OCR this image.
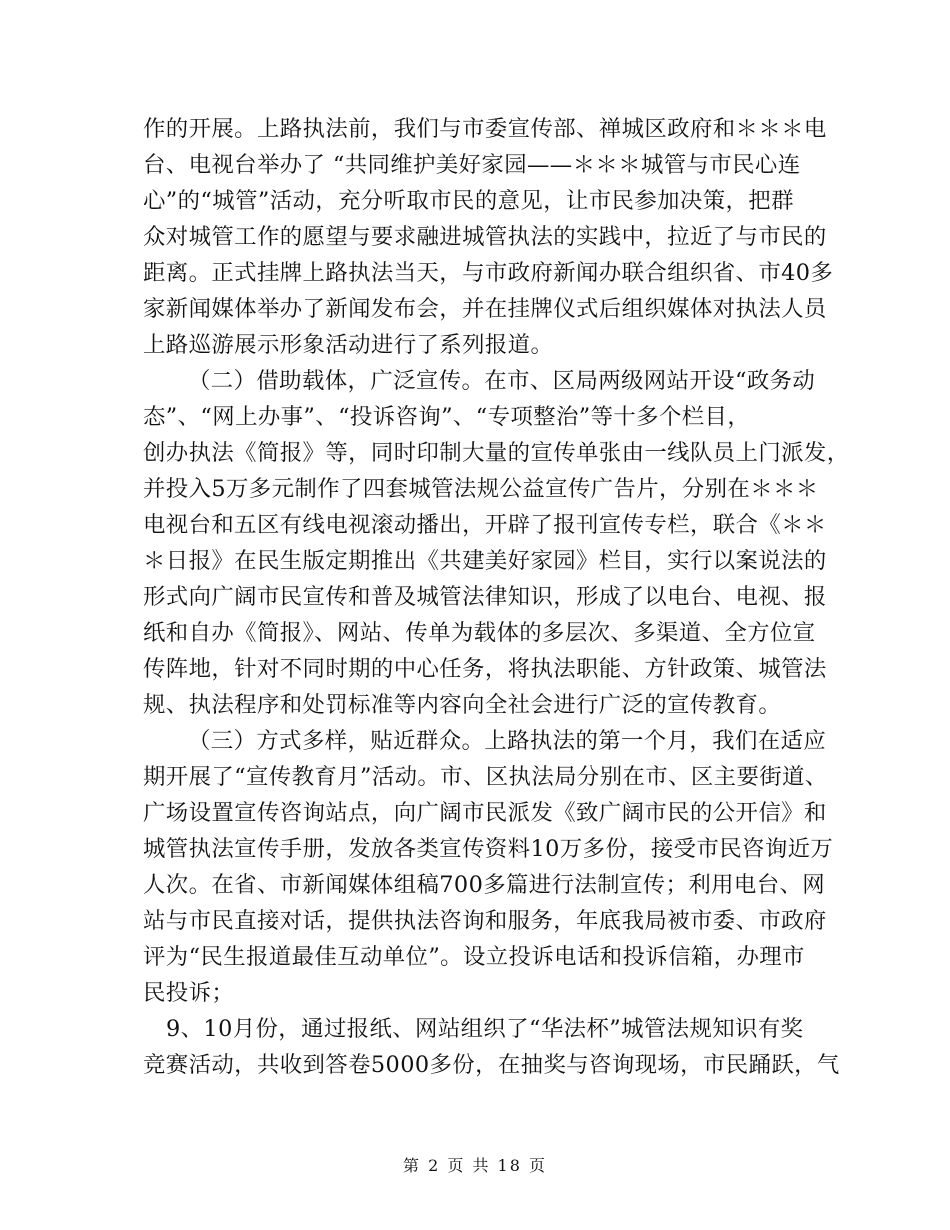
作的开展。上路执法前，我们与市委宣传部、禅城区政府和＊＊＊电
台、电视台举办了 “共同维护美好家园——＊＊＊城管与市民心连
心”的“城管”活动，充分听取市民的意见，让市民参加决策，把群
众对城管工作的愿望与要求融进城管执法的实践中，拉近了与市民的
距离。正式挂牌上路执法当天，与市政府新闻办联合组织省、市40多
家新闻媒体举办了新闻发布会，并在挂牌仪式后组织媒体对执法人员
上路巡游展示形象活动进行了系列报道。
（二）借助载体，广泛宣传。在市、区局两级网站开设“政务动
态”、“网上办事”、“投诉咨询”、“专项整治”等十多个栏目，
创办执法《简报》等，同时印制大量的宣传单张由一线队员上门派发，
并投入5万多元制作了四套城管法规公益宣传广告片，分别在＊＊＊
电视台和五区有线电视滚动播出，开辟了报刊宣传专栏，联合《＊＊
＊日报》在民生版定期推出《共建美好家园》栏目，实行以案说法的
形式向广阔市民宣传和普及城管法律知识，形成了以电台、电视、报
纸和自办《简报》、网站、传单为载体的多层次、多渠道、全方位宣
传阵地，针对不同时期的中心任务，将执法职能、方针政策、城管法
规、执法程序和处罚标准等内容向全社会进行广泛的宣传教育。
（三）方式多样，贴近群众。上路执法的第一个月，我们在适应
期开展了“宣传教育月”活动。市、区执法局分别在市、区主要街道、
广场设置宣传咨询站点，向广阔市民派发《致广阔市民的公开信》和
城管执法宣传手册，发放各类宣传资料10万多份，接受市民咨询近万
人次。在省、市新闻媒体组稿700多篇进行法制宣传；利用电台、网
站与市民直接对话，提供执法咨询和服务，年底我局被市委、市政府
评为“民生报道最佳互动单位”。设立投诉电话和投诉信箱，办理市
民投诉；
9、10月份，通过报纸、网站组织了“华法杯”城管法规知识有奖
竞赛活动，共收到答卷5000多份，在抽奖与咨询现场，市民踊跃，气
第 2 页 共 18 页
